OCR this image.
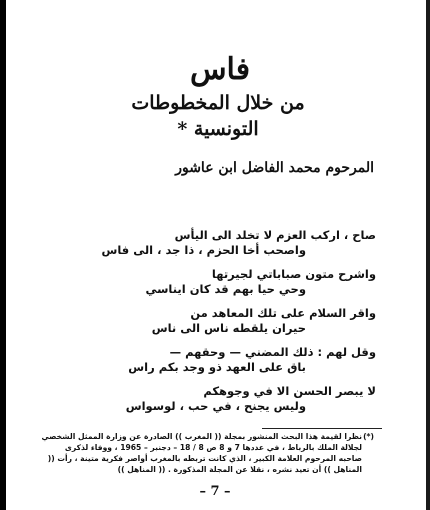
فاس
من خلال المخطوطات التونسية *
المرحوم محمد الفاضل ابن عاشور
صاح ، اركب العزم لا تخلد الى اليأس
واصحب أخا الحزم ، ذا جد ، الى فاس
واشرح متون صباباتي لجيرتها
وحي حيا بهم قد كان ايناسي
واقر السلام على تلك المعاهد من
حيران يلقطه ناس الى ناس
وقل لهم : ذلك المضني — وحقهم —
باق على العهد ذو وجد بكم راس
لا يبصر الحسن الا في وجوهكم
وليس يجنح ، في حب ، لوسواس
(*)
نظرا لقيمة هذا البحث المنشور بمجلة (( المغرب )) الصادرة عن وزارة الممثل الشخصي لجلالة الملك بالرباط ، في عددها 7 و 8 ص 8 / 18 – دجنبر – 1965 ، ووفاء لذكرى صاحبه المرحوم العلامة الكبير ، الذي كانت تربطه بالمغرب أواصر فكرية متينة ، رأت (( المناهل )) أن تعيد نشره ، نقلا عن المجلة المذكورة . (( المناهل ))
– 7 –
